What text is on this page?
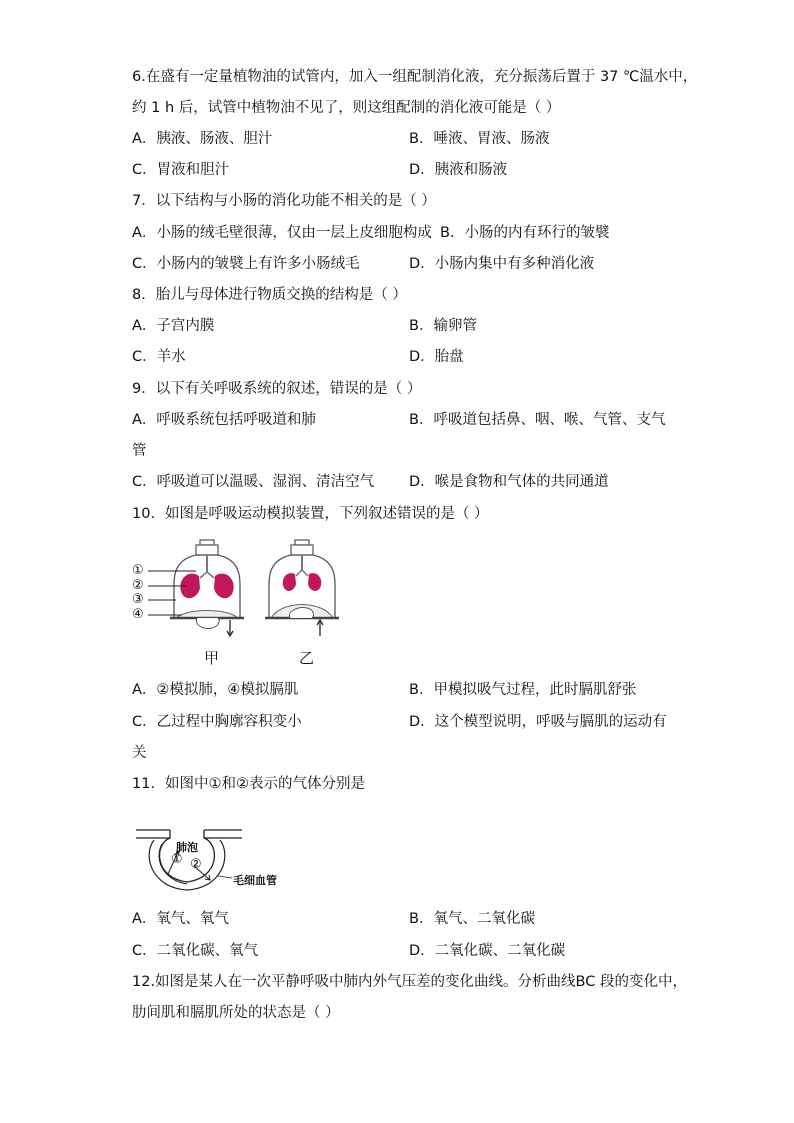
6.在盛有一定量植物油的试管内，加入一组配制消化液，充分振荡后置于 37 ℃温水中，
约 1 h 后，试管中植物油不见了，则这组配制的消化液可能是（ ）
A．胰液、肠液、胆汁	B．唾液、胃液、肠液
C．胃液和胆汁	D．胰液和肠液
7．以下结构与小肠的消化功能不相关的是（ ）
A．小肠的绒毛壁很薄，仅由一层上皮细胞构成 B．小肠的内有环行的皱襞
C．小肠内的皱襞上有许多小肠绒毛	D．小肠内集中有多种消化液
8．胎儿与母体进行物质交换的结构是（ ）
A．子宫内膜	B．输卵管
C．羊水	D．胎盘
9．以下有关呼吸系统的叙述，错误的是（ ）
A．呼吸系统包括呼吸道和肺	B．呼吸道包括鼻、咽、喉、气管、支气
管
C．呼吸道可以温暖、湿润、清洁空气 D．喉是食物和气体的共同通道
10．如图是呼吸运动模拟装置，下列叙述错误的是（ ）
①
②
③
④
甲	乙
A．②模拟肺，④模拟膈肌	B．甲模拟吸气过程，此时膈肌舒张
C．乙过程中胸廓容积变小	D．这个模型说明，呼吸与膈肌的运动有
关
11．如图中①和②表示的气体分别是
肺泡
① ②
毛细血管
A．氧气、氧气	B．氧气、二氧化碳
C．二氧化碳、氧气	D．二氧化碳、二氧化碳
12.如图是某人在一次平静呼吸中肺内外气压差的变化曲线。分析曲线BC 段的变化中，
肋间肌和膈肌所处的状态是（ ）
